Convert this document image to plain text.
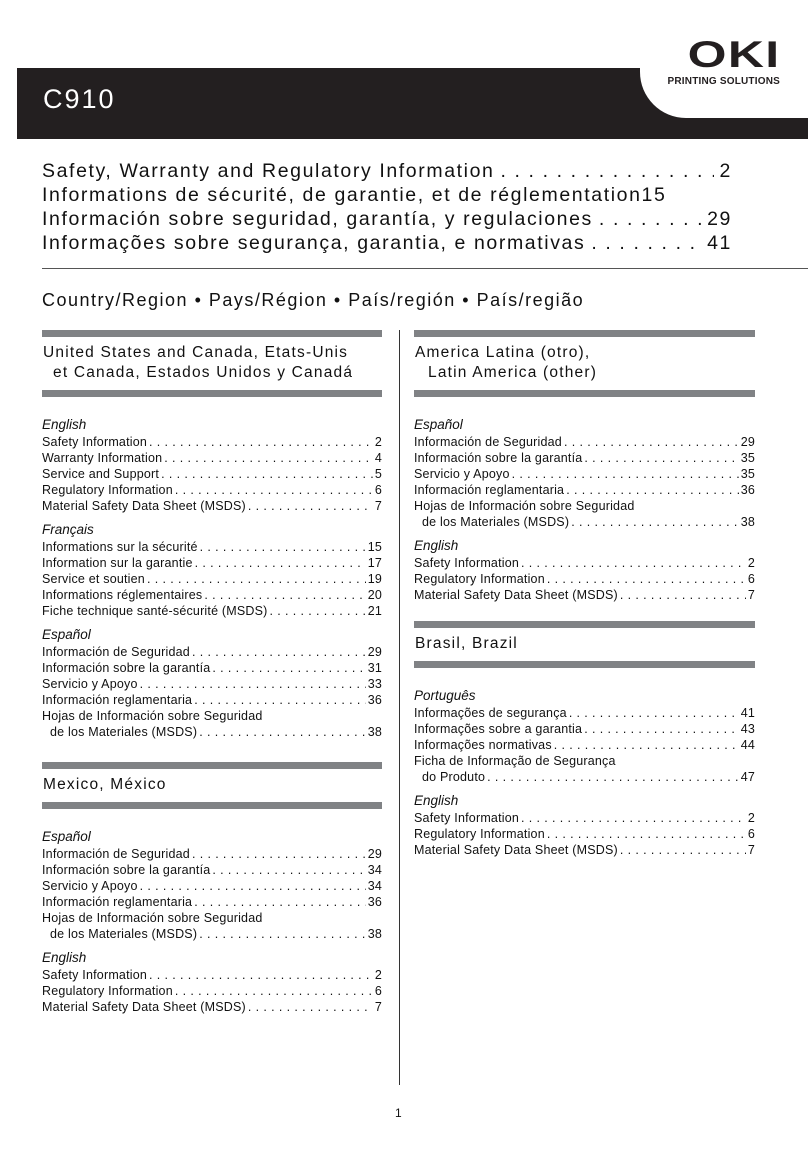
C910
OKI
PRINTING SOLUTIONS
Safety, Warranty and Regulatory Information . . .	2
Informations de sécurité, de garantie, et de réglementation 15
Información sobre seguridad, garantía, y regulaciones . . .	29
Informações sobre segurança, garantia, e normativas . . .	41
Country/Region • Pays/Région • País/región • País/região
United States and Canada, Etats-Unis
et Canada, Estados Unidos y Canadá
English
Safety Information . . .	2
Warranty Information . . .	4
Service and Support . . .	5
Regulatory Information . . .	6
Material Safety Data Sheet (MSDS) . . .	7
Français
Informations sur la sécurité . . .	15
Information sur la garantie . . .	17
Service et soutien . . .	19
Informations réglementaires . . .	20
Fiche technique santé-sécurité (MSDS) . . .	21
Español
Información de Seguridad . . .	29
Información sobre la garantía . . .	31
Servicio y Apoyo . . .	33
Información reglamentaria . . .	36
Hojas de Información sobre Seguridad
de los Materiales (MSDS) . . .	38
Mexico, México
Español
Información de Seguridad . . .	29
Información sobre la garantía . . .	34
Servicio y Apoyo . . .	34
Información reglamentaria . . .	36
Hojas de Información sobre Seguridad
de los Materiales (MSDS) . . .	38
English
Safety Information . . .	2
Regulatory Information . . .	6
Material Safety Data Sheet (MSDS) . . .	7
America Latina (otro),
Latin America (other)
Español
Información de Seguridad . . .	29
Información sobre la garantía . . .	35
Servicio y Apoyo . . .	35
Información reglamentaria . . .	36
Hojas de Información sobre Seguridad
de los Materiales (MSDS) . . .	38
English
Safety Information . . .	2
Regulatory Information . . .	6
Material Safety Data Sheet (MSDS) . . .	7
Brasil, Brazil
Português
Informações de segurança . . .	41
Informações sobre a garantia . . .	43
Informações normativas . . .	44
Ficha de Informação de Segurança
do Produto . . .	47
English
Safety Information . . .	2
Regulatory Information . . .	6
Material Safety Data Sheet (MSDS) . . .	7
1
